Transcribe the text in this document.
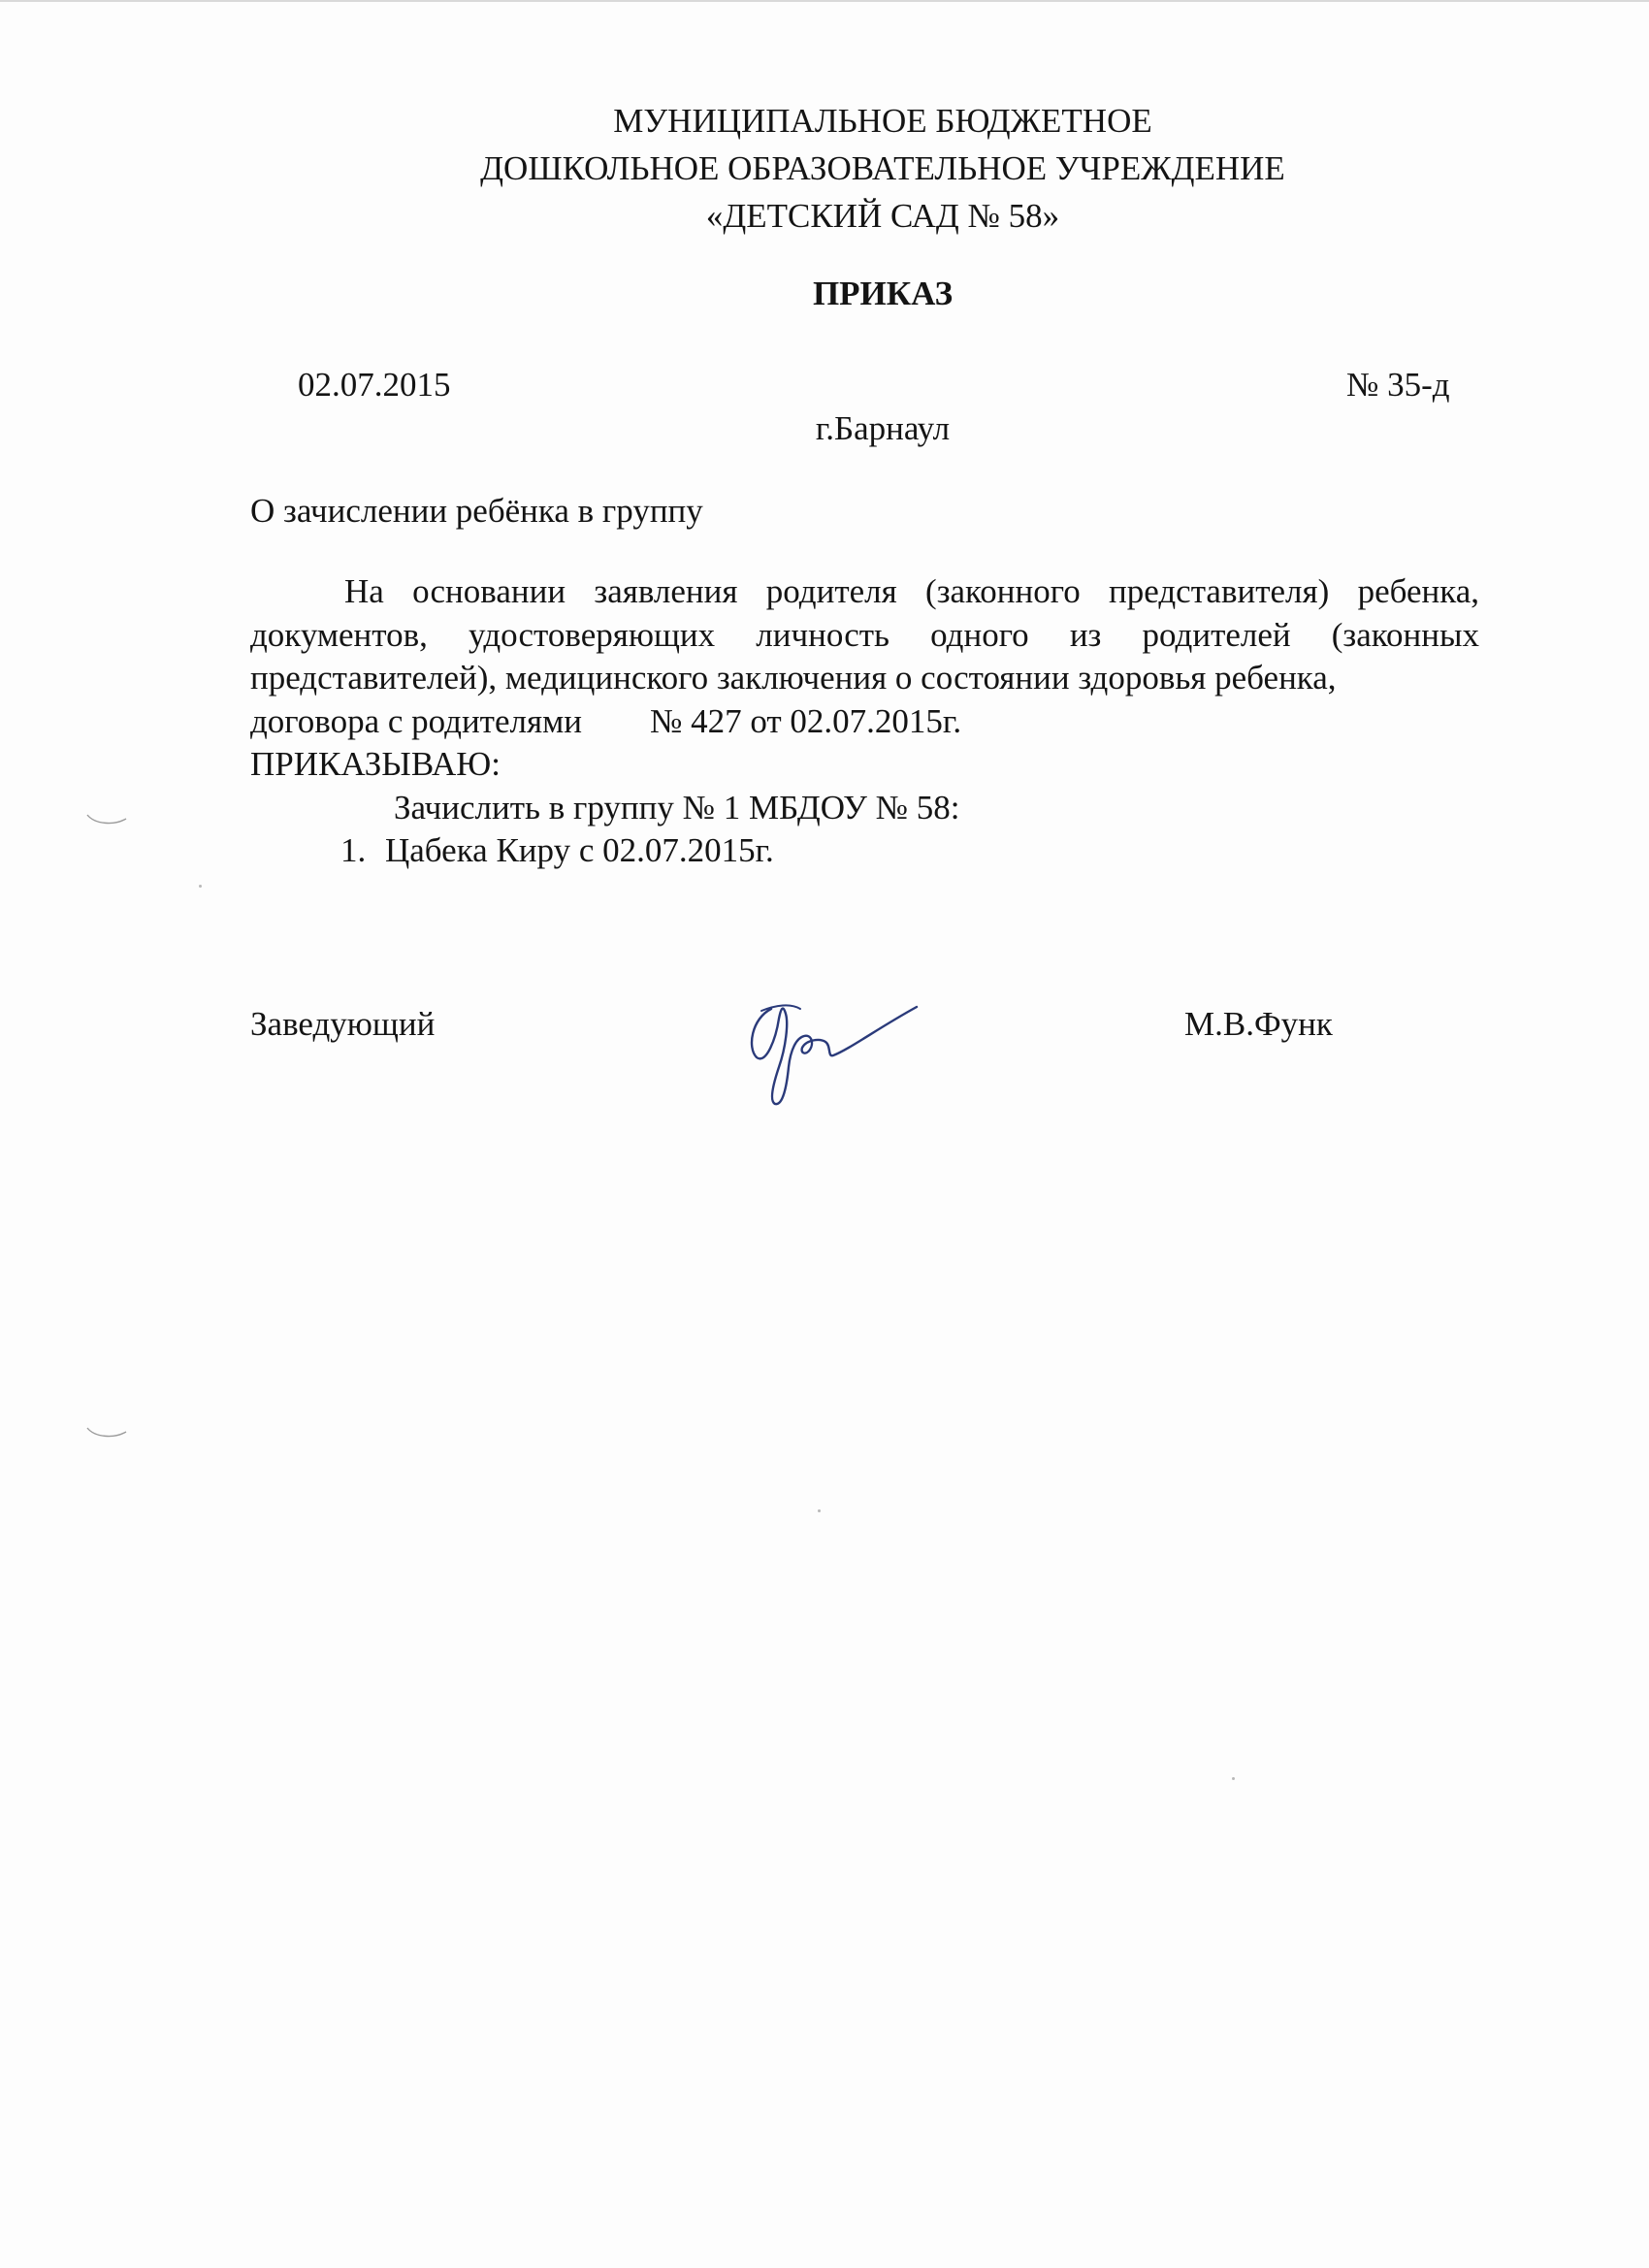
МУНИЦИПАЛЬНОЕ БЮДЖЕТНОЕ
ДОШКОЛЬНОЕ ОБРАЗОВАТЕЛЬНОЕ УЧРЕЖДЕНИЕ
«ДЕТСКИЙ САД № 58»
ПРИКАЗ
02.07.2015	№ 35-д
г.Барнаул
О зачислении ребёнка в группу
На основании заявления родителя (законного представителя) ребенка, документов, удостоверяющих личность одного из родителей (законных представителей), медицинского заключения о состоянии здоровья ребенка,
договора с родителями        № 427 от 02.07.2015г.
ПРИКАЗЫВАЮ:
Зачислить в группу № 1 МБДОУ № 58:
1. Цабека Киру с 02.07.2015г.
Заведующий	М.В.Функ
